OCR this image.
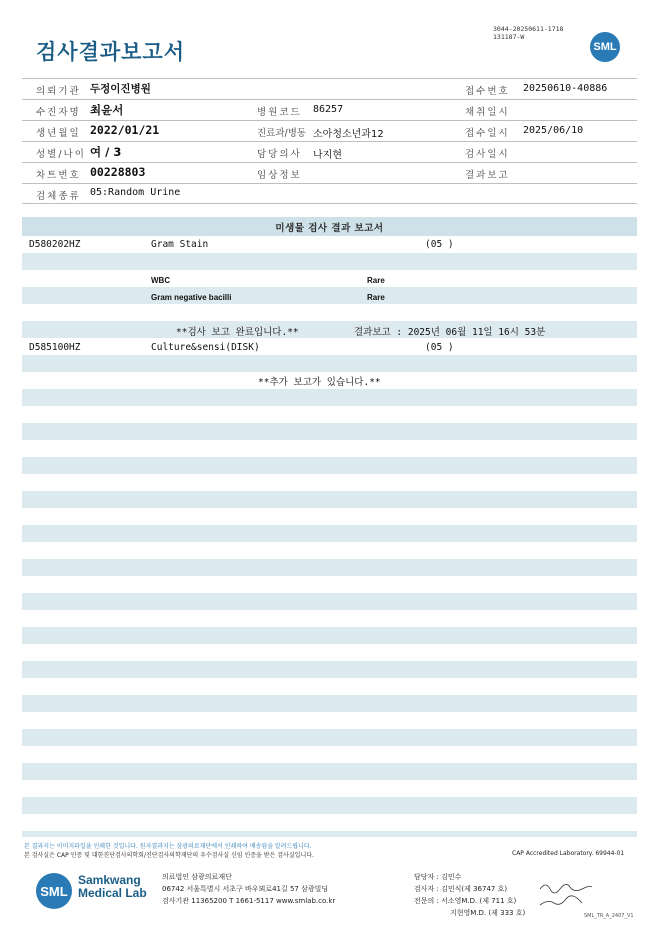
검사결과보고서
3044-20250611-1718
131187-W
SML
의뢰기관 두정이진병원	접수번호 20250610-40886
수진자명 최윤서	병원코드 86257	채취일시
생년월일 2022/01/21	진료과/병동 소아청소년과12	접수일시 2025/06/10
성별/나이 여 / 3	담당의사 나지현	검사일시
차트번호 00228803	임상정보	결과보고
검체종류 05:Random Urine
미생물 검사 결과 보고서
D580202HZ	Gram Stain	(05 )
WBC	Rare
Gram negative bacilli	Rare
**검사 보고 완료입니다.**	결과보고 : 2025년 06월 11일 16시 53분
D585100HZ	Culture&sensi(DISK)	(05 )
**추가 보고가 있습니다.**
본 결과지는 이미지파일을 인쇄한 것입니다. 원자결과지는 삼광의료재단에서 인쇄하여 배송됨을 알려드립니다.
본 검사실은 CAP 인증 및 대한진단검사의학회/진단검사의학재단의 우수검사실 신임 인증을 받은 검사실입니다.	CAP Accredited Laboratory. 69944-01
SML
Samkwang
Medical Lab
의료법인 삼광의료재단
06742 서울특별시 서초구 바우뫼로41길 57 삼광빌딩
검사기관 11365200 T 1661-5117 www.smlab.co.kr
담당자 : 김민수
검사자 : 김민식(제 36747 호)
전문의 : 서소영M.D. (제 711 호)
지현영M.D. (제 333 호)	SML_TR_A_2407_V1
